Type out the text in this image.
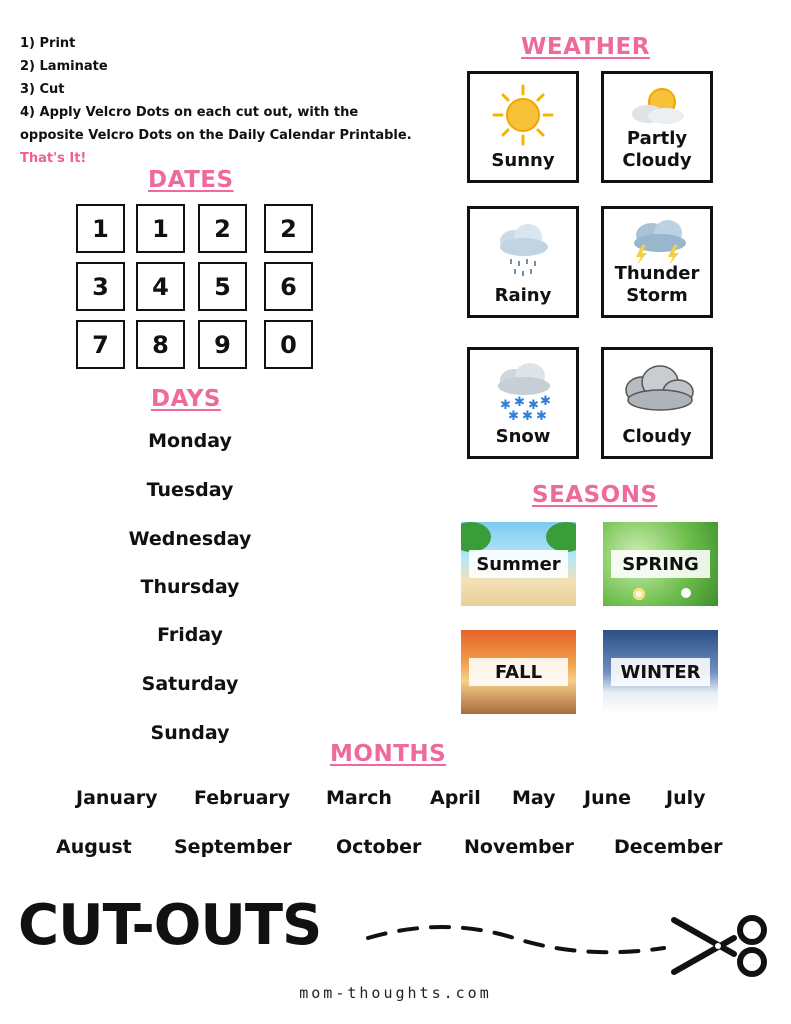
1) Print
2) Laminate
3) Cut
4) Apply Velcro Dots on each cut out, with the
opposite Velcro Dots on the Daily Calendar Printable.
That's It!
DATES
1	1	2	2
3	4	5	6
7	8	9	0
DAYS
Monday
Tuesday
Wednesday
Thursday
Friday
Saturday
Sunday
WEATHER
Sunny
Partly
Cloudy
Rainy
Thunder
Storm
✱ ✱ ✱ ✱
✱ ✱ ✱
Snow	Cloudy
SEASONS
Summer	SPRING
FALL	WINTER
MONTHS
January February March April May June July
August September October November December
CUT-OUTS
mom-thoughts.com
